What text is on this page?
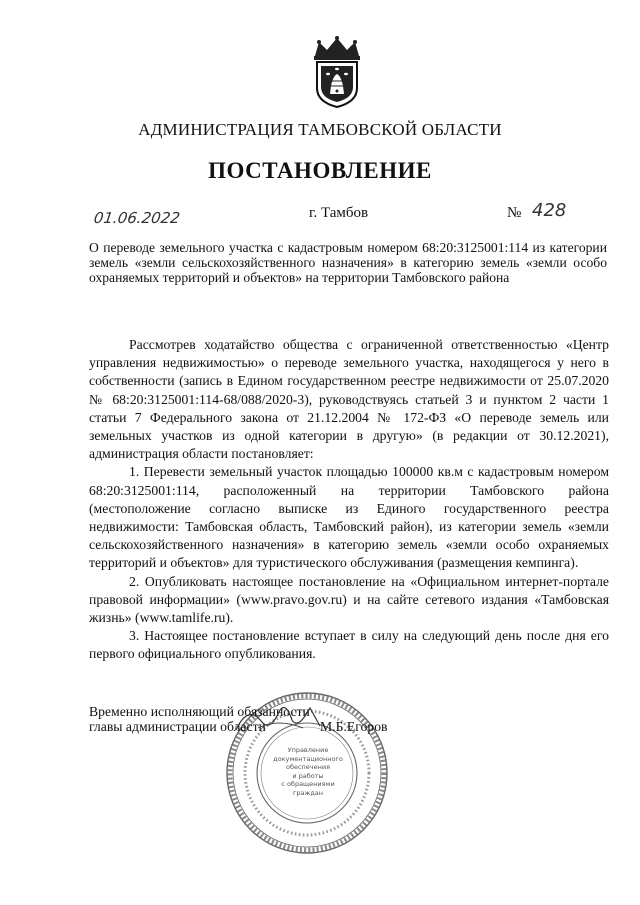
АДМИНИСТРАЦИЯ ТАМБОВСКОЙ ОБЛАСТИ
ПОСТАНОВЛЕНИЕ
01.06.2022	г. Тамбов	№ 428
О переводе земельного участка с кадастровым номером 68:20:3125001:114 из категории земель «земли сельскохозяйственного назначения» в категорию земель «земли особо охраняемых территорий и объектов» на территории Тамбовского района

Рассмотрев ходатайство общества с ограниченной ответственностью «Центр управления недвижимостью» о переводе земельного участка, находящегося у него в собственности (запись в Едином государственном реестре недвижимости от 25.07.2020 № 68:20:3125001:114-68/088/2020-3), руководствуясь статьей 3 и пунктом 2 части 1 статьи 7 Федерального закона от 21.12.2004 № 172-ФЗ «О переводе земель или земельных участков из одной категории в другую» (в редакции от 30.12.2021), администрация области постановляет:

1. Перевести земельный участок площадью 100000 кв.м с кадастровым номером 68:20:3125001:114, расположенный на территории Тамбовского района (местоположение согласно выписке из Единого государственного реестра недвижимости: Тамбовская область, Тамбовский район), из категории земель «земли сельскохозяйственного назначения» в категорию земель «земли особо охраняемых территорий и объектов» для туристического обслуживания (размещения кемпинга).

2. Опубликовать настоящее постановление на «Официальном интернет-портале правовой информации» (www.pravo.gov.ru) и на сайте сетевого издания «Тамбовская жизнь» (www.tamlife.ru).

3. Настоящее постановление вступает в силу на следующий день после дня его первого официального опубликования.

Управление
документационного
обеспечения
и работы
с обращениями
граждан
Временно исполняющий обязанности
главы администрации области	М.Б.Егоров
